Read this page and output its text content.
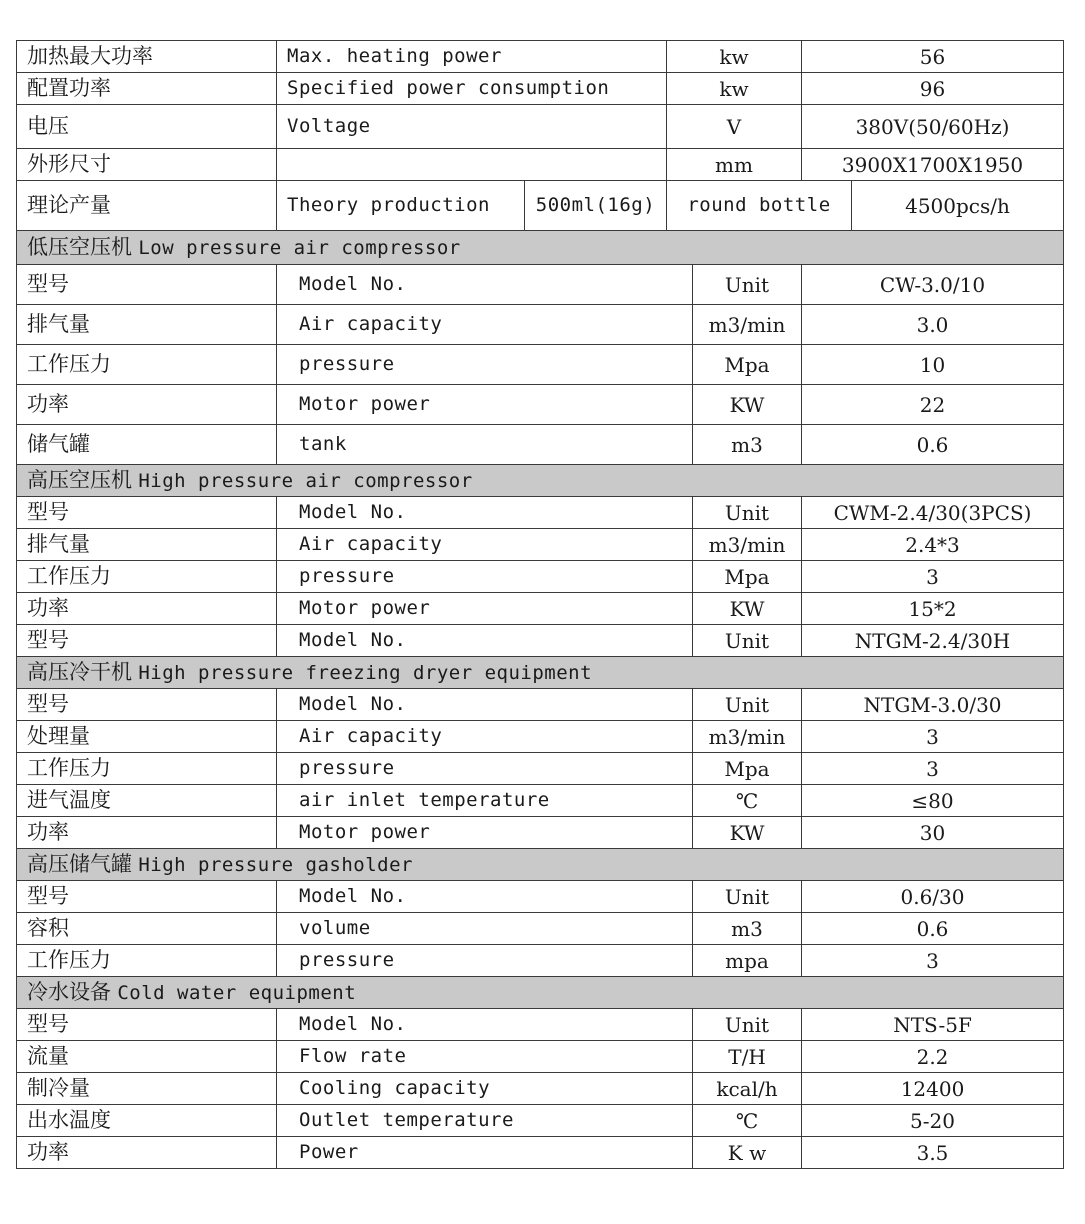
加热最大功率	Max. heating power		kw		56	
配置功率	Specified power consumption		kw		96	
电压	Voltage		V		380V(50/60Hz)	
外形尺寸			mm		3900X1700X1950	
理论产量	Theory production	500ml(16g)	round bottle			4500pcs/h
低压空压机 Low pressure air compressor						
型号	Model No.			Unit	CW-3.0/10	
排气量	Air capacity			m3/min	3.0	
工作压力	pressure			Mpa	10	
功率	Motor power			KW	22	
储气罐	tank			m3	0.6	
高压空压机 High pressure air compressor						
型号	Model No.			Unit	CWM-2.4/30(3PCS)	
排气量	Air capacity			m3/min	2.4*3	
工作压力	pressure			Mpa	3	
功率	Motor power			KW	15*2	
型号	Model No.			Unit	NTGM-2.4/30H	
高压冷干机 High pressure freezing dryer equipment						
型号	Model No.			Unit	NTGM-3.0/30	
处理量	Air capacity			m3/min	3	
工作压力	pressure			Mpa	3	
进气温度	air inlet temperature			℃	≤80	
功率	Motor power			KW	30	
高压储气罐 High pressure gasholder						
型号	Model No.			Unit	0.6/30	
容积	volume			m3	0.6	
工作压力	pressure			mpa	3	
冷水设备 Cold water equipment						
型号	Model No.			Unit	NTS-5F	
流量	Flow rate			T/H	2.2	
制冷量	Cooling capacity			kcal/h	12400	
出水温度	Outlet temperature			℃	5-20	
功率	Power			K w	3.5	
